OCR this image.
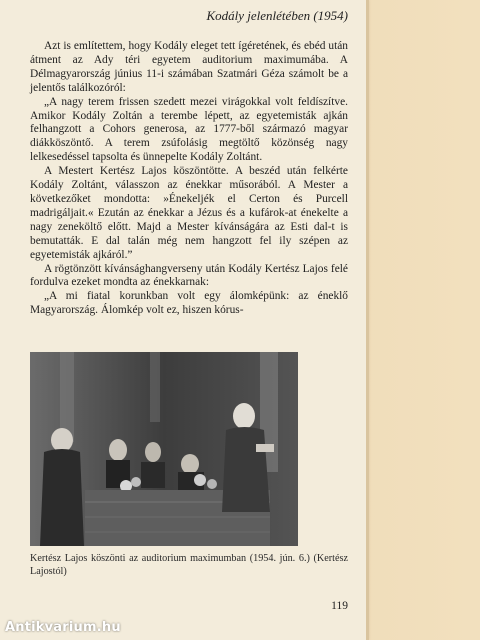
Kodály jelenlétében (1954)

Azt is említettem, hogy Kodály eleget tett ígéretének, és ebéd után átment az Ady téri egyetem auditorium maximumába. A Délmagyarország június 11-i számában Szatmári Géza számolt be a jelentős találkozóról:

„A nagy terem frissen szedett mezei virágokkal volt feldíszítve. Amikor Kodály Zoltán a terembe lépett, az egyetemisták ajkán felhangzott a Cohors generosa, az 1777-ből származó magyar diákköszöntő. A terem zsúfolásig megtöltő közönség nagy lelkesedéssel tapsolta és ünnepelte Kodály Zoltánt.

A Mestert Kertész Lajos köszöntötte. A beszéd után felkérte Kodály Zoltánt, válasszon az énekkar műsorából. A Mester a következőket mondotta: »Énekeljék el Certon és Purcell madrigáljait.« Ezután az énekkar a Jézus és a kufárok-at énekelte a nagy zeneköltő előtt. Majd a Mester kívánságára az Esti dal-t is bemutatták. E dal talán még nem hangzott fel ily szépen az egyetemisták ajkáról.”

A rögtönzött kívánsághangverseny után Kodály Kertész Lajos felé fordulva ezeket mondta az énekkarnak:

„A mi fiatal korunkban volt egy álomképünk: az éneklő Magyarország. Álomkép volt ez, hiszen kórus-

Kertész Lajos köszönti az auditorium maximumban (1954. jún. 6.) (Kertész Lajostól)
119
Antikvarium.hu
